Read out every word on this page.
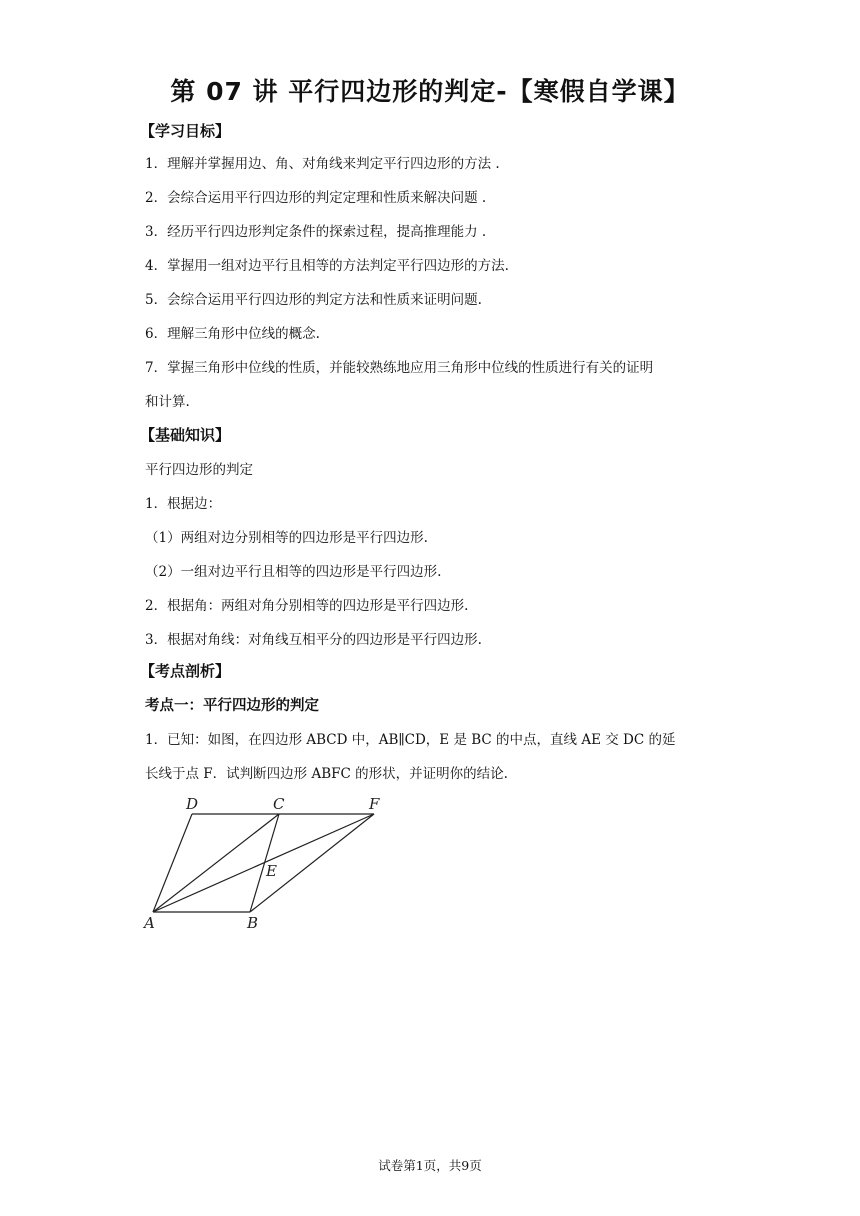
第 07 讲 平行四边形的判定-【寒假自学课】
【学习目标】
1．理解并掌握用边、角、对角线来判定平行四边形的方法 .
2．会综合运用平行四边形的判定定理和性质来解决问题 .
3．经历平行四边形判定条件的探索过程，提高推理能力 .
4．掌握用一组对边平行且相等的方法判定平行四边形的方法.
5．会综合运用平行四边形的判定方法和性质来证明问题.
6．理解三角形中位线的概念.
7．掌握三角形中位线的性质，并能较熟练地应用三角形中位线的性质进行有关的证明
和计算.
【基础知识】
平行四边形的判定
1．根据边：
（1）两组对边分别相等的四边形是平行四边形.
（2）一组对边平行且相等的四边形是平行四边形.
2．根据角：两组对角分别相等的四边形是平行四边形.
3．根据对角线：对角线互相平分的四边形是平行四边形.
【考点剖析】
考点一：平行四边形的判定
1．已知：如图，在四边形 ABCD 中，AB∥CD，E 是 BC 的中点，直线 AE 交 DC 的延
长线于点 F．试判断四边形 ABFC 的形状，并证明你的结论.
D	C	F
E
A	B
试卷第1页，共9页
